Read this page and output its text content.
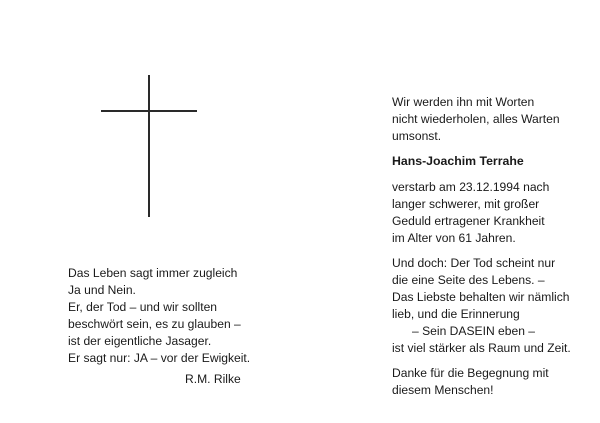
Das Leben sagt immer zugleich
Ja und Nein.
Er, der Tod – und wir sollten
beschwört sein, es zu glauben –
ist der eigentliche Jasager.
Er sagt nur: JA – vor der Ewigkeit.
R.M. Rilke
Wir werden ihn mit Worten
nicht wiederholen, alles Warten
umsonst.
Hans-Joachim Terrahe
verstarb am 23.12.1994 nach
langer schwerer, mit großer
Geduld ertragener Krankheit
im Alter von 61 Jahren.
Und doch: Der Tod scheint nur
die eine Seite des Lebens. –
Das Liebste behalten wir nämlich
lieb, und die Erinnerung
– Sein DASEIN eben –
ist viel stärker als Raum und Zeit.
Danke für die Begegnung mit
diesem Menschen!
